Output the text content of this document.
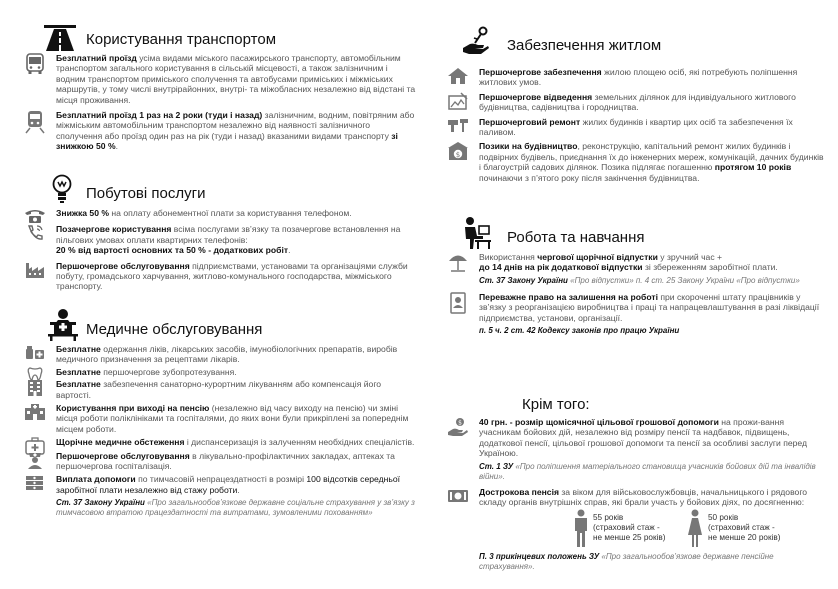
Користування транспортом
Безплатний проїзд усіма видами міського пасажирського транспорту, автомобільним транспортом загального користування в сільській місцевості, а також залізничним і водним транспортом приміського сполучення та автобусами приміських і міжміських маршрутів, у тому числі внутрірайонних, внутрі- та міжобласних незалежно від відстані та місця проживання.
Безплатний проїзд 1 раз на 2 роки (туди і назад) залізничним, водним, повітряним або міжміським автомобільним транспортом незалежно від наявності залізничного сполучення або проїзд один раз на рік (туди і назад) вказаними видами транспорту зі знижкою 50 %.
Побутові послуги
Знижка 50 % на оплату абонементної плати за користування телефоном.
Позачергове користування всіма послугами зв’язку та позачергове встановлення на пільгових умовах оплати квартирних телефонів:
20 % від вартості основних та 50 % - додаткових робіт.
Першочергове обслуговування підприємствами, установами та організаціями служби побуту, громадського харчування, житлово-комунального господарства, міжміського транспорту.
Медичне обслуговування
Безплатне одержання ліків, лікарських засобів, імунобіологічних препаратів, виробів медичного призначення за рецептами лікарів.
Безплатне першочергове зубопротезування.
Безплатне забезпечення санаторно-курортним лікуванням або компенсація його вартості.
Користування при виході на пенсію (незалежно від часу виходу на пенсію) чи зміні місця роботи поліклініками та госпіталями, до яких вони були прикріплені за попереднім місцем роботи.
Щорічне медичне обстеження і диспансеризація із залученням необхідних спеціалістів.
Першочергове обслуговування в лікувально-профілактичних закладах, аптеках та першочергова госпіталізація.
Виплата допомоги по тимчасовій непрацездатності в розмірі 100 відсотків середньої заробітної плати незалежно від стажу роботи.
Ст. 37 Закону України «Про загальнообов’язкове державне соціальне страхування у зв’язку з тимчасовою втратою працездатності та витратами, зумовленими похованням»
Забезпечення житлом
Першочергове забезпечення жилою площею осіб, які потребують поліпшення житлових умов.
Першочергове відведення земельних ділянок для індивідуального житлового будівництва, садівництва і городництва.
Першочерговий ремонт жилих будинків і квартир цих осіб та забезпечення їх паливом.
$
Позики на будівництво, реконструкцію, капітальний ремонт жилих будинків і подвірних будівель, приєднання їх до інженерних мереж, комунікацій, дачних будинків і благоустрій садових ділянок. Позика підлягає погашенню протягом 10 років починаючи з п’ятого року після закінчення будівництва.
Робота та навчання
Використання чергової щорічної відпустки у зручний час +
до 14 днів на рік додаткової відпустки зі збереженням заробітної плати.
Ст. 37 Закону України «Про відпустки» п. 4 ст. 25 Закону України «Про відпустки»
Переважне право на залишення на роботі при скороченні штату працівників у зв’язку з реорганізацією виробництва і праці та напрацевлаштування в разі ліквідації підприємства, установи, організації.
п. 5 ч. 2 ст. 42 Кодексу законів про працю України
Крім того:
$ 40 грн. - розмір щомісячної цільової грошової допомоги на прожи-вання учасникам бойових дій, незалежно від розміру пенсії та надбавок, підвищень, додаткової пенсії, цільової грошової допомоги та пенсії за особливі заслуги перед Україною.
Ст. 1 ЗУ «Про поліпшення матеріального становища учасників бойових дій та інвалідів війни».
Дострокова пенсія за віком для військовослужбовців, начальницького і рядового складу органів внутрішніх справ, які брали участь у бойових діях, по досягненню:
55 років
(страховий стаж -
не менше 25 років)
50 років
(страховий стаж -
не менше 20 років)
П. 3 прикінцевих положень ЗУ «Про загальнообов’язкове державне пенсійне страхування».
